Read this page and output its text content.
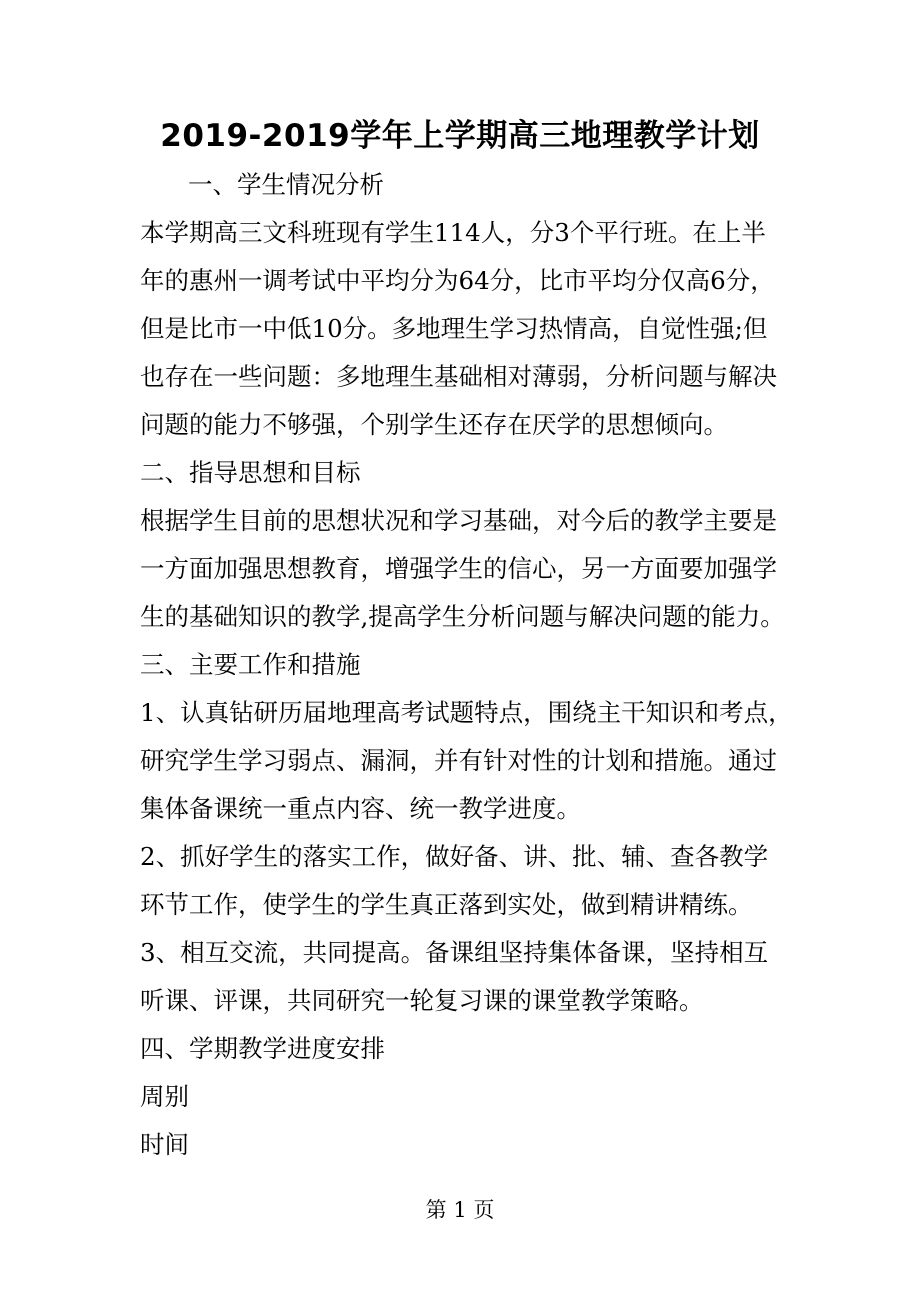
2019-2019学年上学期高三地理教学计划
一、学生情况分析
本学期高三文科班现有学生114人，分3个平行班。在上半
年的惠州一调考试中平均分为64分，比市平均分仅高6分，
但是比市一中低10分。多地理生学习热情高，自觉性强;但
也存在一些问题：多地理生基础相对薄弱，分析问题与解决
问题的能力不够强，个别学生还存在厌学的思想倾向。
二、指导思想和目标
根据学生目前的思想状况和学习基础，对今后的教学主要是
一方面加强思想教育，增强学生的信心，另一方面要加强学
生的基础知识的教学,提高学生分析问题与解决问题的能力。
三、主要工作和措施
1、认真钻研历届地理高考试题特点，围绕主干知识和考点，
研究学生学习弱点、漏洞，并有针对性的计划和措施。通过
集体备课统一重点内容、统一教学进度。
2、抓好学生的落实工作，做好备、讲、批、辅、查各教学
环节工作，使学生的学生真正落到实处，做到精讲精练。
3、相互交流，共同提高。备课组坚持集体备课，坚持相互
听课、评课，共同研究一轮复习课的课堂教学策略。
四、学期教学进度安排
周别
时间
第 1 页
